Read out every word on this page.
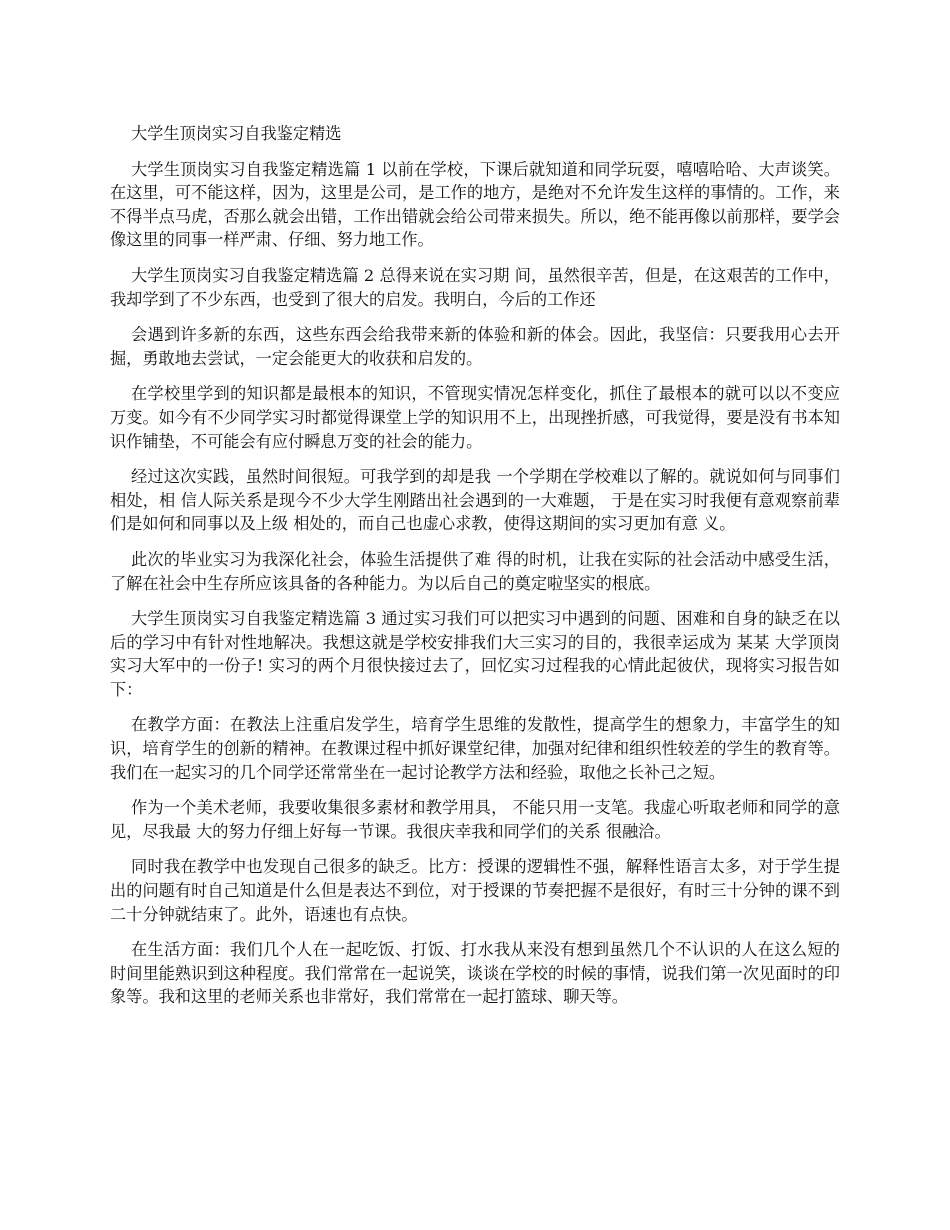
大学生顶岗实习自我鉴定精选

大学生顶岗实习自我鉴定精选篇 1 以前在学校，下课后就知道和同学玩耍，嘻嘻哈哈、大声谈笑。在这里，可不能这样，因为，这里是公司，是工作的地方，是绝对不允许发生这样的事情的。工作，来不得半点马虎，否那么就会出错，工作出错就会给公司带来损失。所以，绝不能再像以前那样，要学会像这里的同事一样严肃、仔细、努力地工作。

大学生顶岗实习自我鉴定精选篇 2 总得来说在实习期 间，虽然很辛苦，但是，在这艰苦的工作中，我却学到了不少东西，也受到了很大的启发。我明白，今后的工作还

会遇到许多新的东西，这些东西会给我带来新的体验和新的体会。因此，我坚信：只要我用心去开掘，勇敢地去尝试，一定会能更大的收获和启发的。

在学校里学到的知识都是最根本的知识，不管现实情况怎样变化，抓住了最根本的就可以以不变应万变。如今有不少同学实习时都觉得课堂上学的知识用不上，出现挫折感，可我觉得，要是没有书本知识作铺垫，不可能会有应付瞬息万变的社会的能力。

经过这次实践，虽然时间很短。可我学到的却是我 一个学期在学校难以了解的。就说如何与同事们相处，相 信人际关系是现今不少大学生刚踏出社会遇到的一大难题， 于是在实习时我便有意观察前辈们是如何和同事以及上级 相处的，而自己也虚心求教，使得这期间的实习更加有意 义。

此次的毕业实习为我深化社会，体验生活提供了难 得的时机，让我在实际的社会活动中感受生活，了解在社会中生存所应该具备的各种能力。为以后自己的奠定啦坚实的根底。

大学生顶岗实习自我鉴定精选篇 3 通过实习我们可以把实习中遇到的问题、困难和自身的缺乏在以后的学习中有针对性地解决。我想这就是学校安排我们大三实习的目的，我很幸运成为 某某 大学顶岗实习大军中的一份子! 实习的两个月很快接过去了，回忆实习过程我的心情此起彼伏，现将实习报告如下：

在教学方面：在教法上注重启发学生，培育学生思维的发散性，提高学生的想象力，丰富学生的知识，培育学生的创新的精神。在教课过程中抓好课堂纪律，加强对纪律和组织性较差的学生的教育等。我们在一起实习的几个同学还常常坐在一起讨论教学方法和经验，取他之长补己之短。

作为一个美术老师，我要收集很多素材和教学用具， 不能只用一支笔。我虚心听取老师和同学的意见，尽我最 大的努力仔细上好每一节课。我很庆幸我和同学们的关系 很融洽。

同时我在教学中也发现自己很多的缺乏。比方：授课的逻辑性不强，解释性语言太多，对于学生提出的问题有时自己知道是什么但是表达不到位，对于授课的节奏把握不是很好，有时三十分钟的课不到二十分钟就结束了。此外，语速也有点快。

在生活方面：我们几个人在一起吃饭、打饭、打水我从来没有想到虽然几个不认识的人在这么短的时间里能熟识到这种程度。我们常常在一起说笑，谈谈在学校的时候的事情，说我们第一次见面时的印象等。我和这里的老师关系也非常好，我们常常在一起打篮球、聊天等。
